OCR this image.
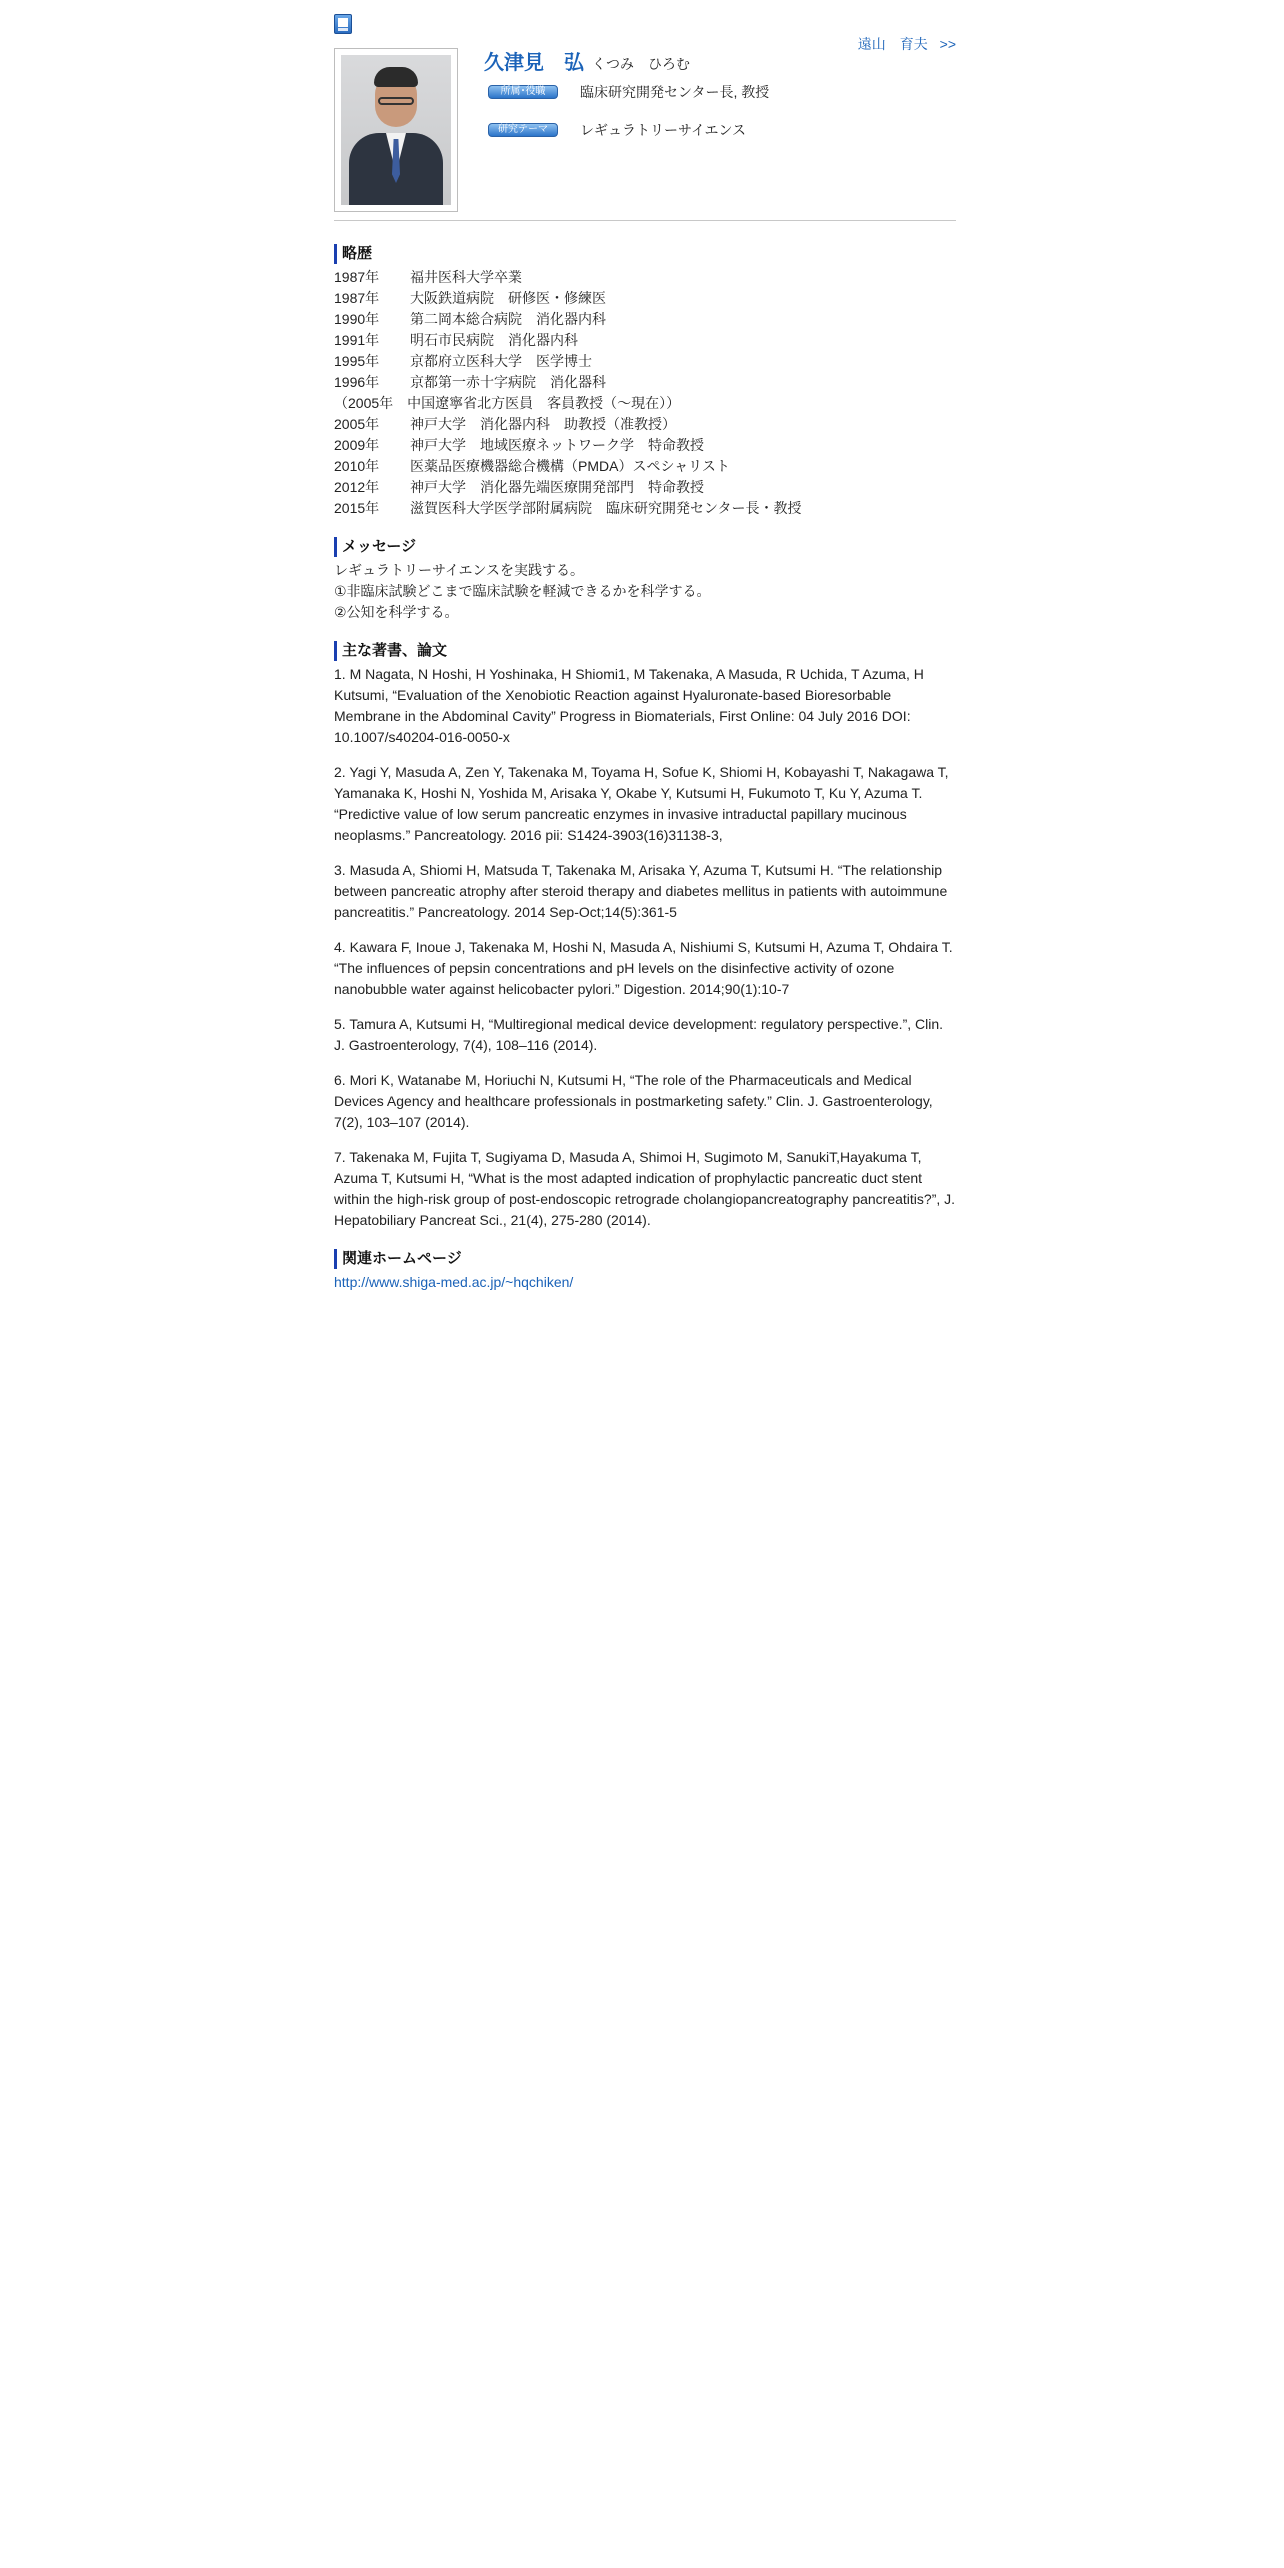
遠山　育夫 >>
久津見　弘 くつみ　ひろむ
所属･役職	臨床研究開発センター長, 教授
研究テーマ	レギュラトリーサイエンス
略歴
1987年	福井医科大学卒業
1987年	大阪鉄道病院　研修医・修練医
1990年	第二岡本総合病院　消化器内科
1991年	明石市民病院　消化器内科
1995年	京都府立医科大学　医学博士
1996年	京都第一赤十字病院　消化器科
（2005年　中国遼寧省北方医員　客員教授（～現在））
2005年	神戸大学　消化器内科　助教授（准教授）
2009年	神戸大学　地域医療ネットワーク学　特命教授
2010年	医薬品医療機器総合機構（PMDA）スペシャリスト
2012年	神戸大学　消化器先端医療開発部門　特命教授
2015年	滋賀医科大学医学部附属病院　臨床研究開発センター長・教授
メッセージ
レギュラトリーサイエンスを実践する。
①非臨床試験どこまで臨床試験を軽減できるかを科学する。
②公知を科学する。
主な著書、論文
1. M Nagata, N Hoshi, H Yoshinaka, H Shiomi1, M Takenaka, A Masuda, R Uchida, T Azuma, H Kutsumi, “Evaluation of the Xenobiotic Reaction against Hyaluronate-based Bioresorbable Membrane in the Abdominal Cavity” Progress in Biomaterials, First Online: 04 July 2016 DOI: 10.1007/s40204-016-0050-x
2. Yagi Y, Masuda A, Zen Y, Takenaka M, Toyama H, Sofue K, Shiomi H, Kobayashi T, Nakagawa T, Yamanaka K, Hoshi N, Yoshida M, Arisaka Y, Okabe Y, Kutsumi H, Fukumoto T, Ku Y, Azuma T. “Predictive value of low serum pancreatic enzymes in invasive intraductal papillary mucinous neoplasms.” Pancreatology. 2016 pii: S1424-3903(16)31138-3,
3. Masuda A, Shiomi H, Matsuda T, Takenaka M, Arisaka Y, Azuma T, Kutsumi H. “The relationship between pancreatic atrophy after steroid therapy and diabetes mellitus in patients with autoimmune pancreatitis.” Pancreatology. 2014 Sep-Oct;14(5):361-5
4. Kawara F, Inoue J, Takenaka M, Hoshi N, Masuda A, Nishiumi S, Kutsumi H, Azuma T, Ohdaira T. “The influences of pepsin concentrations and pH levels on the disinfective activity of ozone nanobubble water against helicobacter pylori.” Digestion. 2014;90(1):10-7
5. Tamura A, Kutsumi H, “Multiregional medical device development: regulatory perspective.”, Clin. J. Gastroenterology, 7(4), 108–116 (2014).
6. Mori K, Watanabe M, Horiuchi N, Kutsumi H, “The role of the Pharmaceuticals and Medical Devices Agency and healthcare professionals in postmarketing safety.” Clin. J. Gastroenterology, 7(2), 103–107 (2014).
7. Takenaka M, Fujita T, Sugiyama D, Masuda A, Shimoi H, Sugimoto M, SanukiT,Hayakuma T, Azuma T, Kutsumi H, “What is the most adapted indication of prophylactic pancreatic duct stent within the high-risk group of post-endoscopic retrograde cholangiopancreatography pancreatitis?”, J. Hepatobiliary Pancreat Sci., 21(4), 275-280 (2014).
関連ホームページ
http://www.shiga-med.ac.jp/~hqchiken/
